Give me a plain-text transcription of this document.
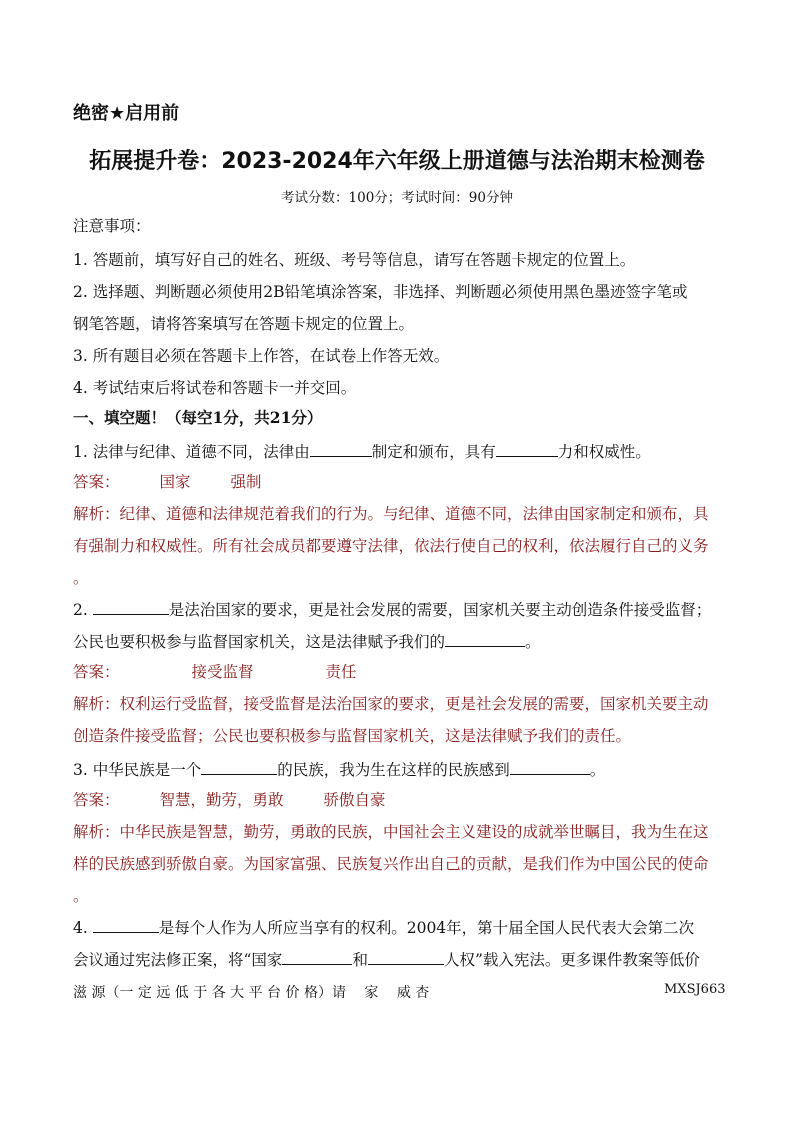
绝密★启用前
拓展提升卷：2023-2024年六年级上册道德与法治期末检测卷
考试分数：100分；考试时间：90分钟
注意事项：
1. 答题前，填写好自己的姓名、班级、考号等信息，请写在答题卡规定的位置上。
2. 选择题、判断题必须使用2B铅笔填涂答案，非选择、判断题必须使用黑色墨迹签字笔或
钢笔答题，请将答案填写在答题卡规定的位置上。
3. 所有题目必须在答题卡上作答，在试卷上作答无效。
4. 考试结束后将试卷和答题卡一并交回。
一、填空题！（每空1分，共21分）
1. 法律与纪律、道德不同，法律由	制定和颁布，具有	力和权威性。
答案：	国家	强制
解析：纪律、道德和法律规范着我们的行为。与纪律、道德不同，法律由国家制定和颁布，具
有强制力和权威性。所有社会成员都要遵守法律，依法行使自己的权利，依法履行自己的义务
。
2.	是法治国家的要求，更是社会发展的需要，国家机关要主动创造条件接受监督；
公民也要积极参与监督国家机关，这是法律赋予我们的	。
答案：	接受监督	责任
解析：权利运行受监督，接受监督是法治国家的要求，更是社会发展的需要，国家机关要主动
创造条件接受监督；公民也要积极参与监督国家机关，这是法律赋予我们的责任。
3. 中华民族是一个	的民族，我为生在这样的民族感到	。
答案：	智慧，勤劳，勇敢	骄傲自豪
解析：中华民族是智慧，勤劳，勇敢的民族，中国社会主义建设的成就举世瞩目，我为生在这
样的民族感到骄傲自豪。为国家富强、民族复兴作出自己的贡献，是我们作为中国公民的使命
。
4.	是每个人作为人所应当享有的权利。2004年，第十届全国人民代表大会第二次
会议通过宪法修正案，将“国家	和	人权”载入宪法。更多课件教案等低价
滋 源（一 定 远 低 于 各 大 平 台 价 格）请　 家　 威 杏	MXSJ663
